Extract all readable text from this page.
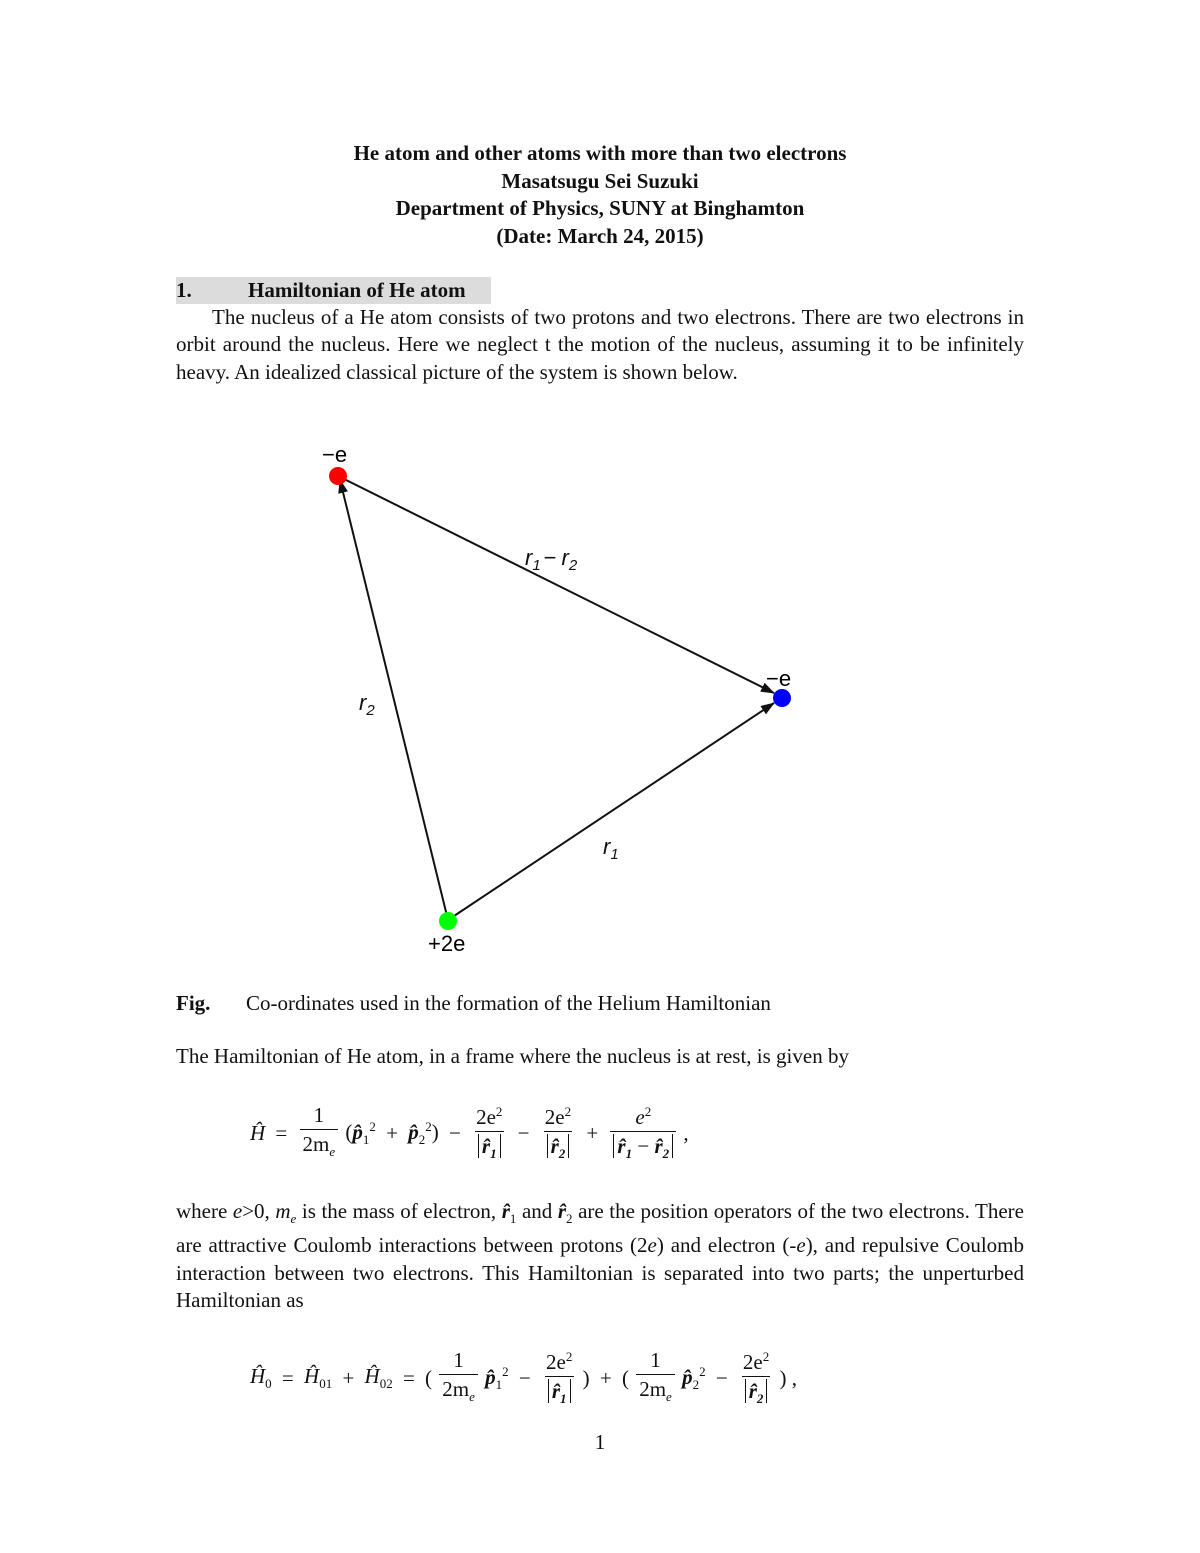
He atom and other atoms with more than two electrons
Masatsugu Sei Suzuki
Department of Physics, SUNY at Binghamton
(Date: March 24, 2015)
1.	Hamiltonian of He atom
The nucleus of a He atom consists of two protons and two electrons. There are two electrons in orbit around the nucleus. Here we neglect t the motion of the nucleus, assuming it to be infinitely heavy. An idealized classical picture of the system is shown below.
−e
−e
+2e
$r_2$
$r_1$
$r_1 - r_2$
Fig. Co-ordinates used in the formation of the Helium Hamiltonian
The Hamiltonian of He atom, in a frame where the nucleus is at rest, is given by
Ĥ = $\frac{1}{2m_e}$ ($p̂_1^2$ + $p̂_2^2) - \frac{2e^2}{r̂_1} - \frac{2e^2}{r̂_2} + \frac{e^2}{r̂_1 - r̂_2}$ ,
where e>0, $m_e$ is the mass of electron, $r̂_1$ and $r̂_2$ are the position operators of the two electrons. There are attractive Coulomb interactions between protons (2e) and electron (-e), and repulsive Coulomb interaction between two electrons. This Hamiltonian is separated into two parts; the unperturbed Hamiltonian as
$Ĥ_0$ = $Ĥ_{01}$ + $Ĥ_{02}$ = ( $\frac{1}{2m_e}$ $p̂_1^2 - \frac{2e^2}{r̂_1}$ ) + ( $\frac{1}{2m_e}$ $p̂_2^2 - \frac{2e^2}{r̂_2}$ ) ,
1
